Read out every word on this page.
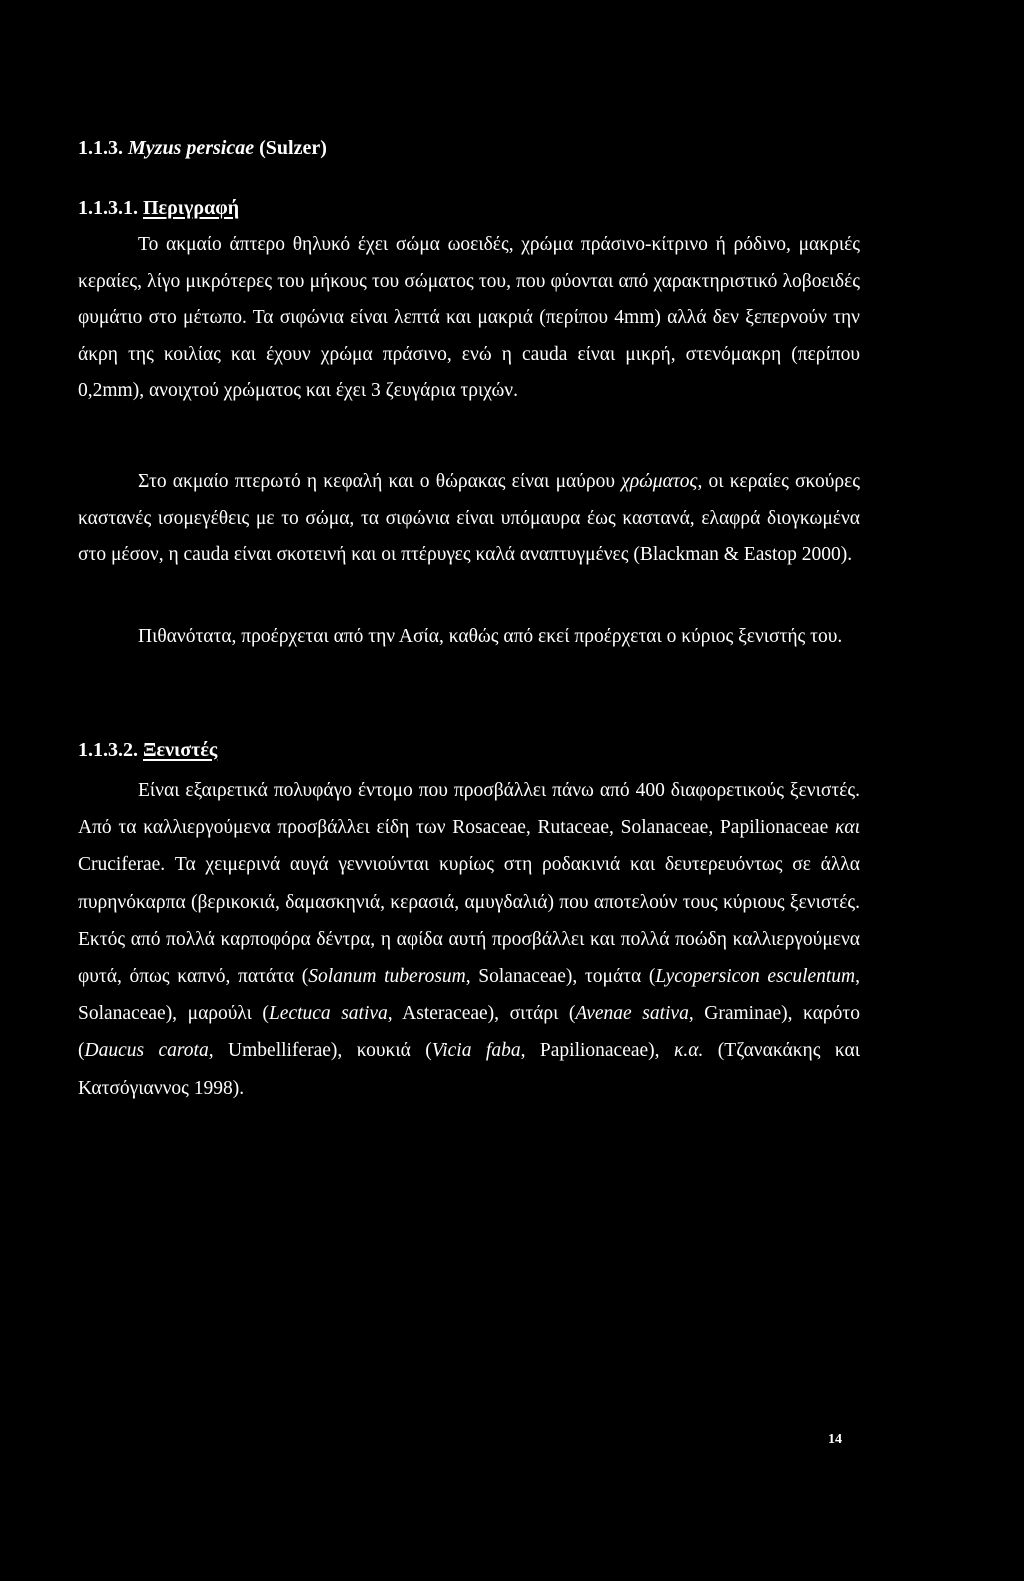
1.1.3. Myzus persicae (Sulzer)
1.1.3.1. Περιγραφή

Το ακμαίο άπτερο θηλυκό έχει σώμα ωοειδές, χρώμα πράσινο-κίτρινο ή ρόδινο, μακριές κεραίες, λίγο μικρότερες του μήκους του σώματος του, που φύονται από χαρακτηριστικό λοβοειδές φυμάτιο στο μέτωπο. Τα σιφώνια είναι λεπτά και μακριά (περίπου 4mm) αλλά δεν ξεπερνούν την άκρη της κοιλίας και έχουν χρώμα πράσινο, ενώ η cauda είναι μικρή, στενόμακρη (περίπου 0,2mm), ανοιχτού χρώματος και έχει 3 ζευγάρια τριχών.

Στο ακμαίο πτερωτό η κεφαλή και ο θώρακας είναι μαύρου χρώματος, οι κεραίες σκούρες καστανές ισομεγέθεις με το σώμα, τα σιφώνια είναι υπόμαυρα έως καστανά, ελαφρά διογκωμένα στο μέσον, η cauda είναι σκοτεινή και οι πτέρυγες καλά αναπτυγμένες (Blackman & Eastop 2000).

Πιθανότατα, προέρχεται από την Ασία, καθώς από εκεί προέρχεται ο κύριος ξενιστής του.

1.1.3.2. Ξενιστές

Είναι εξαιρετικά πολυφάγο έντομο που προσβάλλει πάνω από 400 διαφορετικούς ξενιστές. Από τα καλλιεργούμενα προσβάλλει είδη των Rosaceae, Rutaceae, Solanaceae, Papilionaceae και Cruciferae. Τα χειμερινά αυγά γεννιούνται κυρίως στη ροδακινιά και δευτερευόντως σε άλλα πυρηνόκαρπα (βερικοκιά, δαμασκηνιά, κερασιά, αμυγδαλιά) που αποτελούν τους κύριους ξενιστές. Εκτός από πολλά καρποφόρα δέντρα, η αφίδα αυτή προσβάλλει και πολλά ποώδη καλλιεργούμενα φυτά, όπως καπνό, πατάτα (Solanum tuberosum, Solanaceae), τομάτα (Lycopersicon esculentum, Solanaceae), μαρούλι (Lectuca sativa, Asteraceae), σιτάρι (Avenae sativa, Graminae), καρότο (Daucus carota, Umbelliferae), κουκιά (Vicia faba, Papilionaceae), κ.α. (Τζανακάκης και Κατσόγιαννος 1998).

14
